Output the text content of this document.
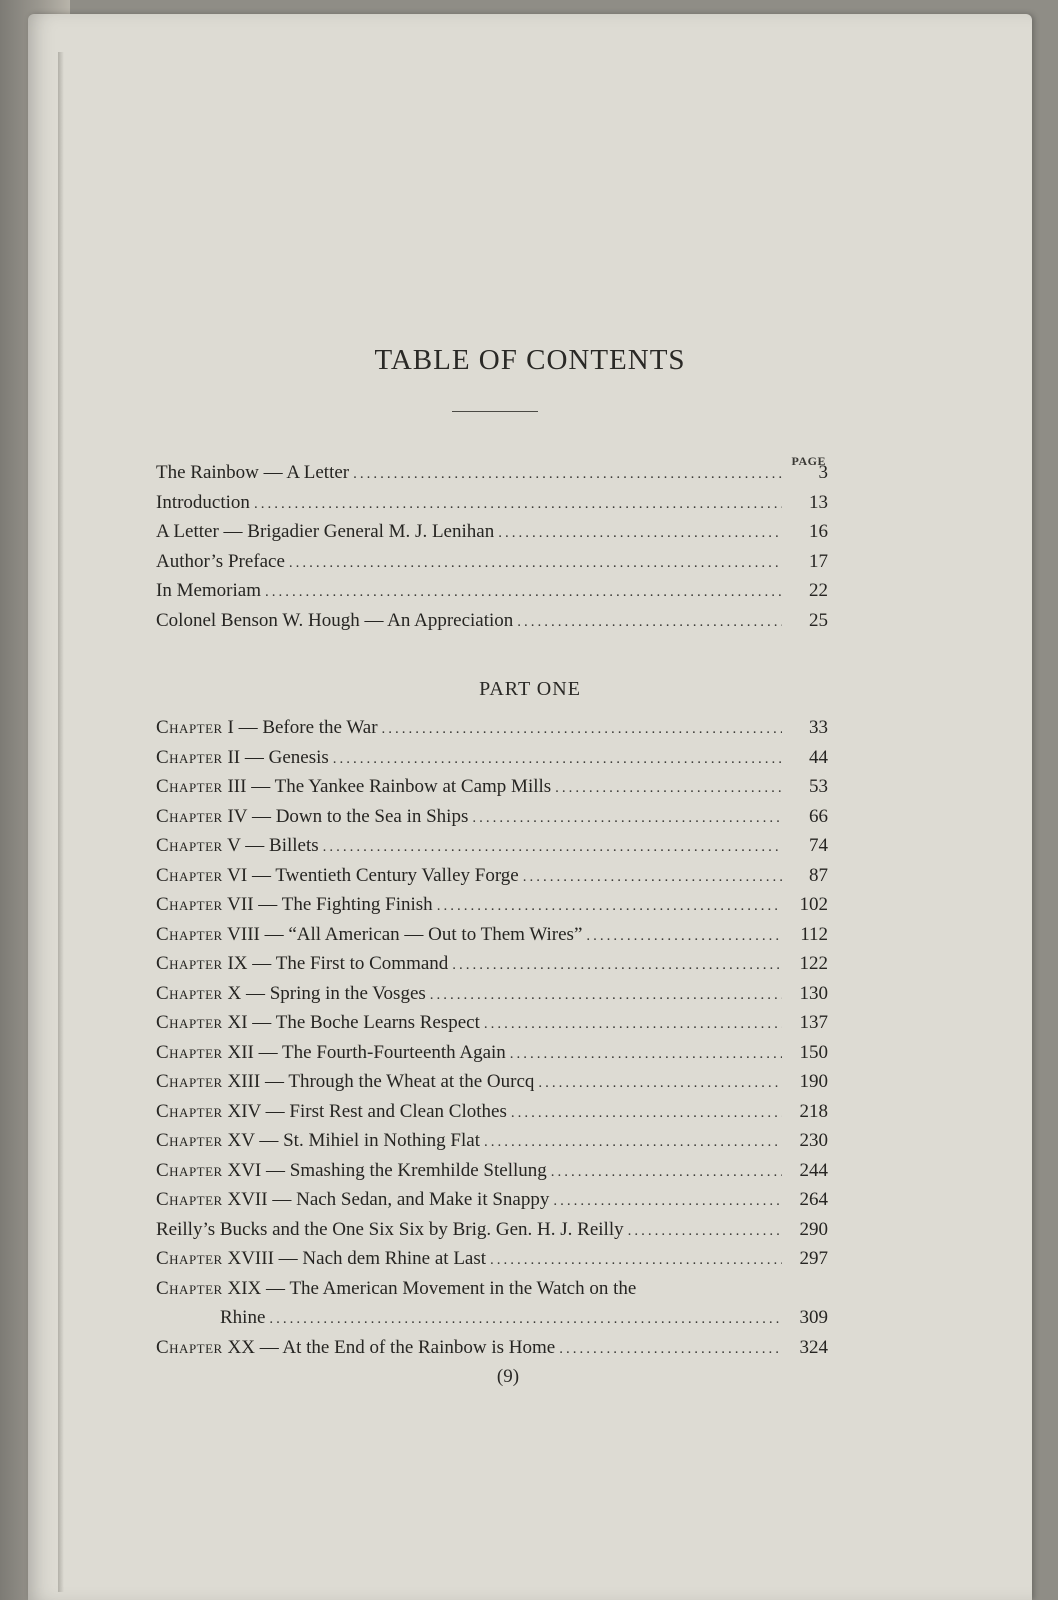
TABLE OF CONTENTS
PAGE
The Rainbow — A Letter .....	3
Introduction .....	13
A Letter — Brigadier General M. J. Lenihan .....	16
Author’s Preface .....	17
In Memoriam .....	22
Colonel Benson W. Hough — An Appreciation .....	25
PART ONE
Chapter I — Before the War .....	33
Chapter II — Genesis .....	44
Chapter III — The Yankee Rainbow at Camp Mills .....	53
Chapter IV — Down to the Sea in Ships .....	66
Chapter V — Billets .....	74
Chapter VI — Twentieth Century Valley Forge .....	87
Chapter VII — The Fighting Finish .....	102
Chapter VIII — “All American — Out to Them Wires” .....	112
Chapter IX — The First to Command .....	122
Chapter X — Spring in the Vosges .....	130
Chapter XI — The Boche Learns Respect .....	137
Chapter XII — The Fourth-Fourteenth Again .....	150
Chapter XIII — Through the Wheat at the Ourcq .....	190
Chapter XIV — First Rest and Clean Clothes .....	218
Chapter XV — St. Mihiel in Nothing Flat .....	230
Chapter XVI — Smashing the Kremhilde Stellung .....	244
Chapter XVII — Nach Sedan, and Make it Snappy .....	264
Reilly’s Bucks and the One Six Six by Brig. Gen. H. J. Reilly .....	290
Chapter XVIII — Nach dem Rhine at Last .....	297
Chapter XIX — The American Movement in the Watch on the
Rhine .....	309
Chapter XX — At the End of the Rainbow is Home .....	324
(9)
